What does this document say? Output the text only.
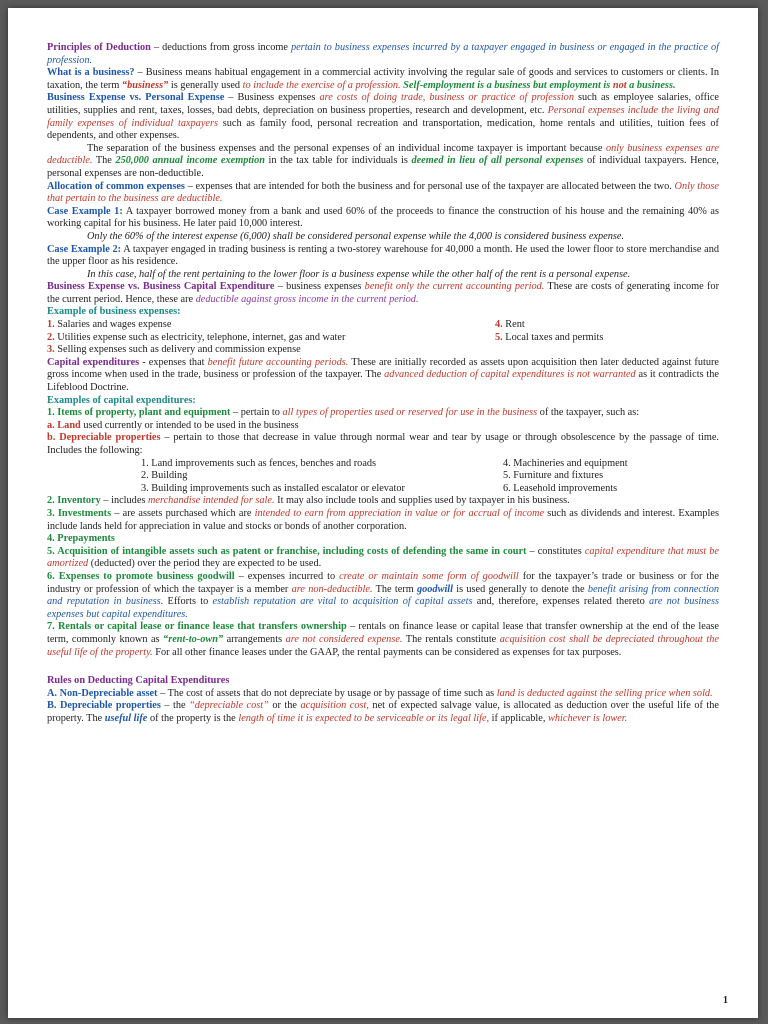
Principles of Deduction – deductions from gross income pertain to business expenses incurred by a taxpayer engaged in business or engaged in the practice of profession.

What is a business? – Business means habitual engagement in a commercial activity involving the regular sale of goods and services to customers or clients. In taxation, the term “business” is generally used to include the exercise of a profession. Self-employment is a business but employment is not a business.

Business Expense vs. Personal Expense – Business expenses are costs of doing trade, business or practice of profession such as employee salaries, office utilities, supplies and rent, taxes, losses, bad debts, depreciation on business properties, research and development, etc. Personal expenses include the living and family expenses of individual taxpayers such as family food, personal recreation and transportation, medication, home rentals and utilities, tuition fees of dependents, and other expenses.

The separation of the business expenses and the personal expenses of an individual income taxpayer is important because only business expenses are deductible. The 250,000 annual income exemption in the tax table for individuals is deemed in lieu of all personal expenses of individual taxpayers. Hence, personal expenses are non-deductible.

Allocation of common expenses – expenses that are intended for both the business and for personal use of the taxpayer are allocated between the two. Only those that pertain to the business are deductible.

Case Example 1: A taxpayer borrowed money from a bank and used 60% of the proceeds to finance the construction of his house and the remaining 40% as working capital for his business. He later paid 10,000 interest.

Only the 60% of the interest expense (6,000) shall be considered personal expense while the 4,000 is considered business expense.

Case Example 2: A taxpayer engaged in trading business is renting a two-storey warehouse for 40,000 a month. He used the lower floor to store merchandise and the upper floor as his residence.

In this case, half of the rent pertaining to the lower floor is a business expense while the other half of the rent is a personal expense.

Business Expense vs. Business Capital Expenditure – business expenses benefit only the current accounting period. These are costs of generating income for the current period. Hence, these are deductible against gross income in the current period.

Example of business expenses:

1. Salaries and wages expense	4. Rent
2. Utilities expense such as electricity, telephone, internet, gas and water	5. Local taxes and permits
3. Selling expenses such as delivery and commission expense

Capital expenditures - expenses that benefit future accounting periods. These are initially recorded as assets upon acquisition then later deducted against future gross income when used in the trade, business or profession of the taxpayer. The advanced deduction of capital expenditures is not warranted as it contradicts the Lifeblood Doctrine.

Examples of capital expenditures:

1. Items of property, plant and equipment – pertain to all types of properties used or reserved for use in the business of the taxpayer, such as:

a. Land used currently or intended to be used in the business

b. Depreciable properties – pertain to those that decrease in value through normal wear and tear by usage or through obsolescence by the passage of time. Includes the following:

1. Land improvements such as fences, benches and roads	4. Machineries and equipment
2. Building	5. Furniture and fixtures
3. Building improvements such as installed escalator or elevator	6. Leasehold improvements

2. Inventory – includes merchandise intended for sale. It may also include tools and supplies used by taxpayer in his business.

3. Investments – are assets purchased which are intended to earn from appreciation in value or for accrual of income such as dividends and interest. Examples include lands held for appreciation in value and stocks or bonds of another corporation.

4. Prepayments

5. Acquisition of intangible assets such as patent or franchise, including costs of defending the same in court – constitutes capital expenditure that must be amortized (deducted) over the period they are expected to be used.

6. Expenses to promote business goodwill – expenses incurred to create or maintain some form of goodwill for the taxpayer’s trade or business or for the industry or profession of which the taxpayer is a member are non-deductible. The term goodwill is used generally to denote the benefit arising from connection and reputation in business. Efforts to establish reputation are vital to acquisition of capital assets and, therefore, expenses related thereto are not business expenses but capital expenditures.

7. Rentals or capital lease or finance lease that transfers ownership – rentals on finance lease or capital lease that transfer ownership at the end of the lease term, commonly known as “rent-to-own” arrangements are not considered expense. The rentals constitute acquisition cost shall be depreciated throughout the useful life of the property. For all other finance leases under the GAAP, the rental payments can be considered as expenses for tax purposes.

Rules on Deducting Capital Expenditures

A. Non-Depreciable asset – The cost of assets that do not depreciate by usage or by passage of time such as land is deducted against the selling price when sold.

B. Depreciable properties – the “depreciable cost” or the acquisition cost, net of expected salvage value, is allocated as deduction over the useful life of the property. The useful life of the property is the length of time it is expected to be serviceable or its legal life, if applicable, whichever is lower.

1
